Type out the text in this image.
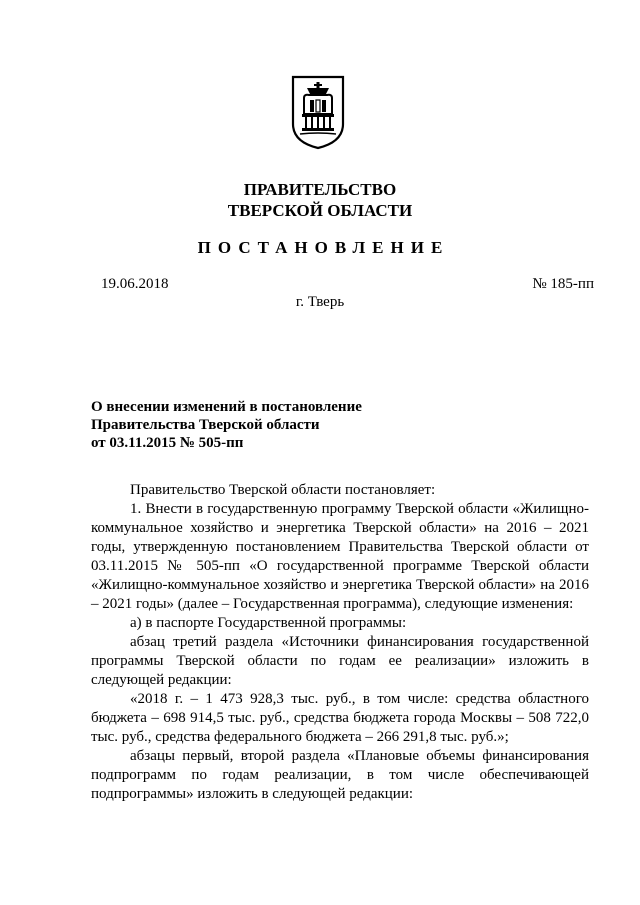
ПРАВИТЕЛЬСТВО
ТВЕРСКОЙ ОБЛАСТИ
ПОСТАНОВЛЕНИЕ
19.06.2018	№ 185-пп
г. Тверь
О внесении изменений в постановление
Правительства Тверской области
от 03.11.2015 № 505-пп

Правительство Тверской области постановляет:

1. Внести в государственную программу Тверской области «Жилищно-коммунальное хозяйство и энергетика Тверской области» на 2016 – 2021 годы, утвержденную постановлением Правительства Тверской области от 03.11.2015 № 505-пп «О государственной программе Тверской области «Жилищно-коммунальное хозяйство и энергетика Тверской области» на 2016 – 2021 годы» (далее – Государственная программа), следующие изменения:

а) в паспорте Государственной программы:

абзац третий раздела «Источники финансирования государственной программы Тверской области по годам ее реализации» изложить в следующей редакции:

«2018 г. – 1 473 928,3 тыс. руб., в том числе: средства областного бюджета – 698 914,5 тыс. руб., средства бюджета города Москвы – 508 722,0 тыс. руб., средства федерального бюджета – 266 291,8 тыс. руб.»;

абзацы первый, второй раздела «Плановые объемы финансирования подпрограмм по годам реализации, в том числе обеспечивающей подпрограммы» изложить в следующей редакции:
